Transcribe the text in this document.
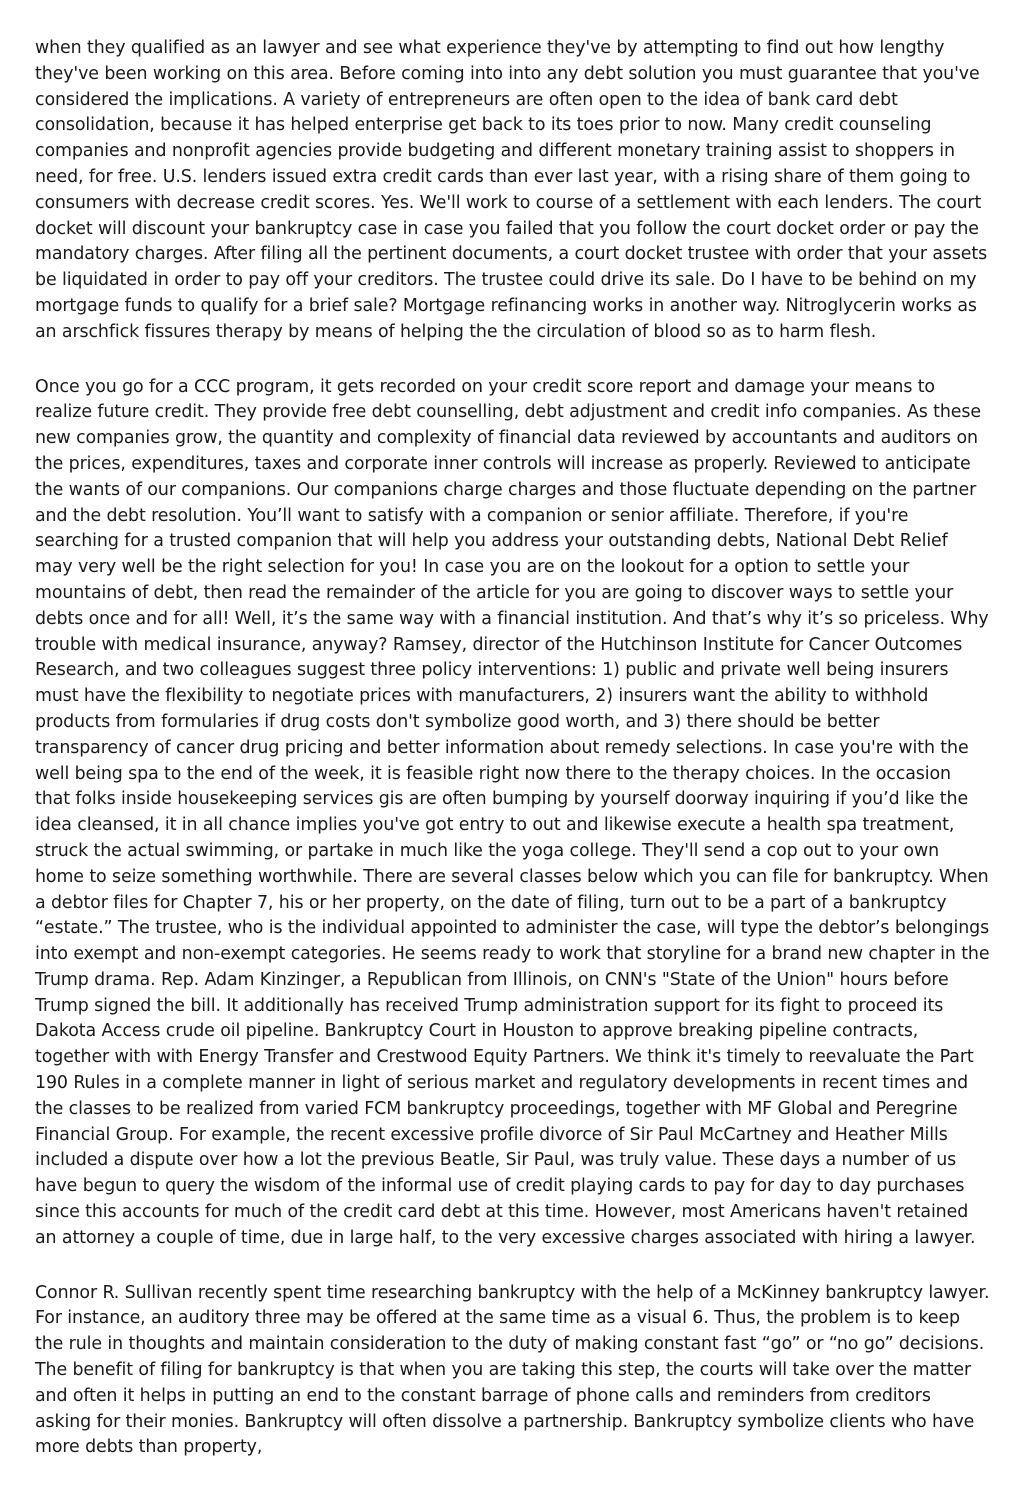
when they qualified as an lawyer and see what experience they've by attempting to find out how lengthy they've been working on this area. Before coming into into any debt solution you must guarantee that you've considered the implications. A variety of entrepreneurs are often open to the idea of bank card debt consolidation, because it has helped enterprise get back to its toes prior to now. Many credit counseling companies and nonprofit agencies provide budgeting and different monetary training assist to shoppers in need, for free. U.S. lenders issued extra credit cards than ever last year, with a rising share of them going to consumers with decrease credit scores. Yes. We'll work to course of a settlement with each lenders. The court docket will discount your bankruptcy case in case you failed that you follow the court docket order or pay the mandatory charges. After filing all the pertinent documents, a court docket trustee with order that your assets be liquidated in order to pay off your creditors. The trustee could drive its sale. Do I have to be behind on my mortgage funds to qualify for a brief sale? Mortgage refinancing works in another way. Nitroglycerin works as an arschfick fissures therapy by means of helping the the circulation of blood so as to harm flesh.

Once you go for a CCC program, it gets recorded on your credit score report and damage your means to realize future credit. They provide free debt counselling, debt adjustment and credit info companies. As these new companies grow, the quantity and complexity of financial data reviewed by accountants and auditors on the prices, expenditures, taxes and corporate inner controls will increase as properly. Reviewed to anticipate the wants of our companions. Our companions charge charges and those fluctuate depending on the partner and the debt resolution. You’ll want to satisfy with a companion or senior affiliate. Therefore, if you're searching for a trusted companion that will help you address your outstanding debts, National Debt Relief may very well be the right selection for you! In case you are on the lookout for a option to settle your mountains of debt, then read the remainder of the article for you are going to discover ways to settle your debts once and for all! Well, it’s the same way with a financial institution. And that’s why it’s so priceless. Why trouble with medical insurance, anyway? Ramsey, director of the Hutchinson Institute for Cancer Outcomes Research, and two colleagues suggest three policy interventions: 1) public and private well being insurers must have the flexibility to negotiate prices with manufacturers, 2) insurers want the ability to withhold products from formularies if drug costs don't symbolize good worth, and 3) there should be better transparency of cancer drug pricing and better information about remedy selections. In case you're with the well being spa to the end of the week, it is feasible right now there to the therapy choices. In the occasion that folks inside housekeeping services gis are often bumping by yourself doorway inquiring if you’d like the idea cleansed, it in all chance implies you've got entry to out and likewise execute a health spa treatment, struck the actual swimming, or partake in much like the yoga college. They'll send a cop out to your own home to seize something worthwhile. There are several classes below which you can file for bankruptcy. When a debtor files for Chapter 7, his or her property, on the date of filing, turn out to be a part of a bankruptcy “estate.” The trustee, who is the individual appointed to administer the case, will type the debtor’s belongings into exempt and non-exempt categories. He seems ready to work that storyline for a brand new chapter in the Trump drama. Rep. Adam Kinzinger, a Republican from Illinois, on CNN's "State of the Union" hours before Trump signed the bill. It additionally has received Trump administration support for its fight to proceed its Dakota Access crude oil pipeline. Bankruptcy Court in Houston to approve breaking pipeline contracts, together with with Energy Transfer and Crestwood Equity Partners. We think it's timely to reevaluate the Part 190 Rules in a complete manner in light of serious market and regulatory developments in recent times and the classes to be realized from varied FCM bankruptcy proceedings, together with MF Global and Peregrine Financial Group. For example, the recent excessive profile divorce of Sir Paul McCartney and Heather Mills included a dispute over how a lot the previous Beatle, Sir Paul, was truly value. These days a number of us have begun to query the wisdom of the informal use of credit playing cards to pay for day to day purchases since this accounts for much of the credit card debt at this time. However, most Americans haven't retained an attorney a couple of time, due in large half, to the very excessive charges associated with hiring a lawyer.

Connor R. Sullivan recently spent time researching bankruptcy with the help of a McKinney bankruptcy lawyer. For instance, an auditory three may be offered at the same time as a visual 6. Thus, the problem is to keep the rule in thoughts and maintain consideration to the duty of making constant fast “go” or “no go” decisions. The benefit of filing for bankruptcy is that when you are taking this step, the courts will take over the matter and often it helps in putting an end to the constant barrage of phone calls and reminders from creditors asking for their monies. Bankruptcy will often dissolve a partnership. Bankruptcy symbolize clients who have more debts than property,
